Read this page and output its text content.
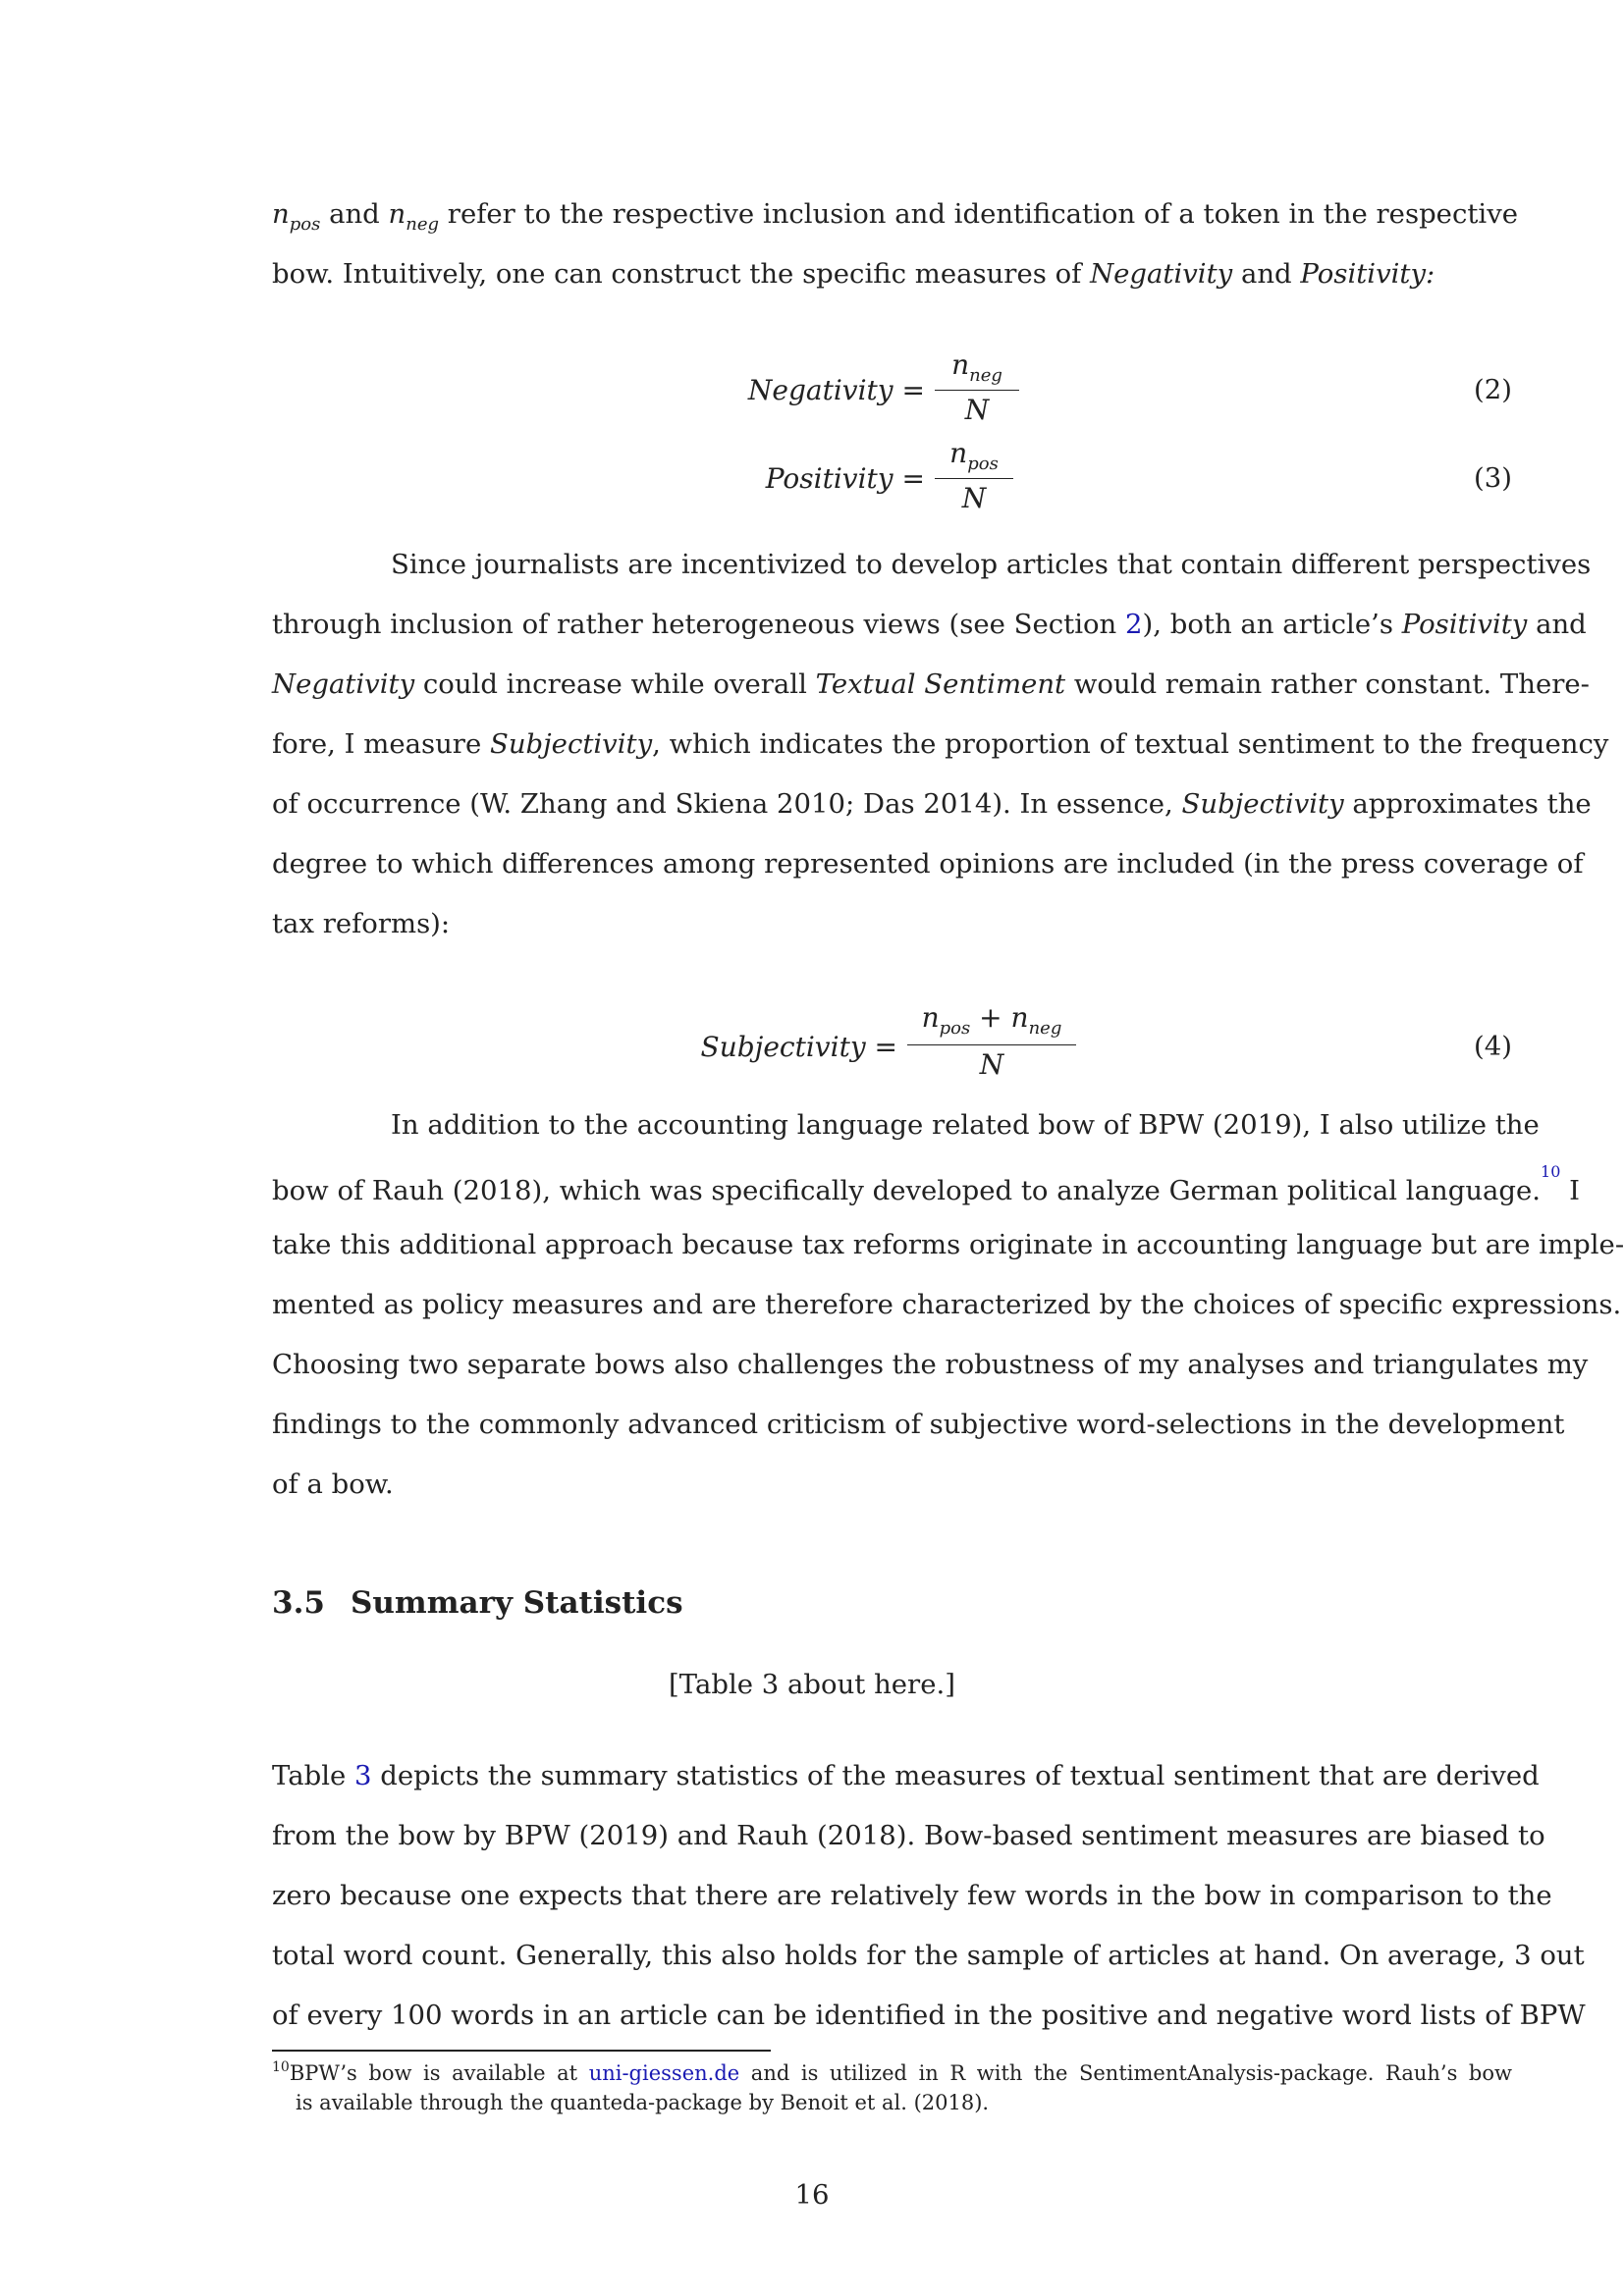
$n_{pos}$ and $n_{neg}$ refer to the respective inclusion and identification of a token in the respective
bow. Intuitively, one can construct the specific measures of Negativity and Positivity:
Negativity =
$n_{neg}$
N
(2)
Positivity =
$n_{pos}$
N
(3)
Since journalists are incentivized to develop articles that contain different perspectives
through inclusion of rather heterogeneous views (see Section 2), both an article’s Positivity and
Negativity could increase while overall Textual Sentiment would remain rather constant. There-
fore, I measure Subjectivity, which indicates the proportion of textual sentiment to the frequency
of occurrence (W. Zhang and Skiena 2010; Das 2014). In essence, Subjectivity approximates the
degree to which differences among represented opinions are included (in the press coverage of
tax reforms):
Subjectivity =
$n_{pos} + n_{neg}$
N
(4)
In addition to the accounting language related bow of BPW (2019), I also utilize the
bow of Rauh (2018), which was specifically developed to analyze German political language.$^{10}$ I
take this additional approach because tax reforms originate in accounting language but are imple-
mented as policy measures and are therefore characterized by the choices of specific expressions.
Choosing two separate bows also challenges the robustness of my analyses and triangulates my
findings to the commonly advanced criticism of subjective word-selections in the development
of a bow.
3.5 Summary Statistics
[Table 3 about here.]
Table 3 depicts the summary statistics of the measures of textual sentiment that are derived
from the bow by BPW (2019) and Rauh (2018). Bow-based sentiment measures are biased to
zero because one expects that there are relatively few words in the bow in comparison to the
total word count. Generally, this also holds for the sample of articles at hand. On average, 3 out
of every 100 words in an article can be identified in the positive and negative word lists of BPW
$^{10}$BPW’s bow is available at uni-giessen.de and is utilized in R with the SentimentAnalysis-package. Rauh’s bow
is available through the quanteda-package by Benoit et al. (2018).
16
